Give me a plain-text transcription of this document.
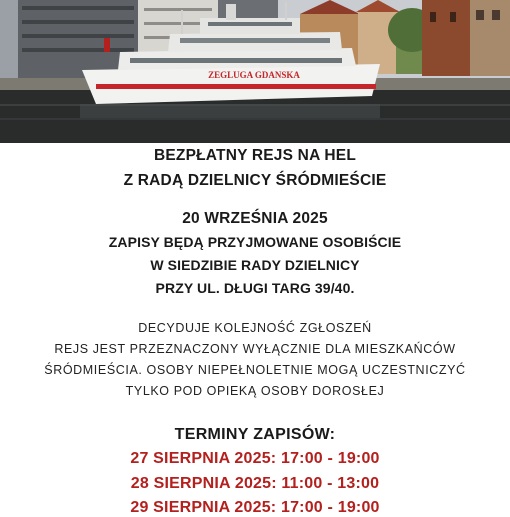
ZEGLUGA GDANSKA
BEZPŁATNY REJS NA HEL
Z RADĄ DZIELNICY ŚRÓDMIEŚCIE
20 WRZEŚNIA 2025
ZAPISY BĘDĄ PRZYJMOWANE OSOBIŚCIE
W SIEDZIBIE RADY DZIELNICY
PRZY UL. DŁUGI TARG 39/40.
DECYDUJE KOLEJNOŚĆ ZGŁOSZEŃ
REJS JEST PRZEZNACZONY WYŁĄCZNIE DLA MIESZKAŃCÓW
ŚRÓDMIEŚCIA. OSOBY NIEPEŁNOLETNIE MOGĄ UCZESTNICZYĆ
TYLKO POD OPIEKĄ OSOBY DOROSŁEJ
TERMINY ZAPISÓW:
27 SIERPNIA 2025: 17:00 - 19:00
28 SIERPNIA 2025: 11:00 - 13:00
29 SIERPNIA 2025: 17:00 - 19:00
